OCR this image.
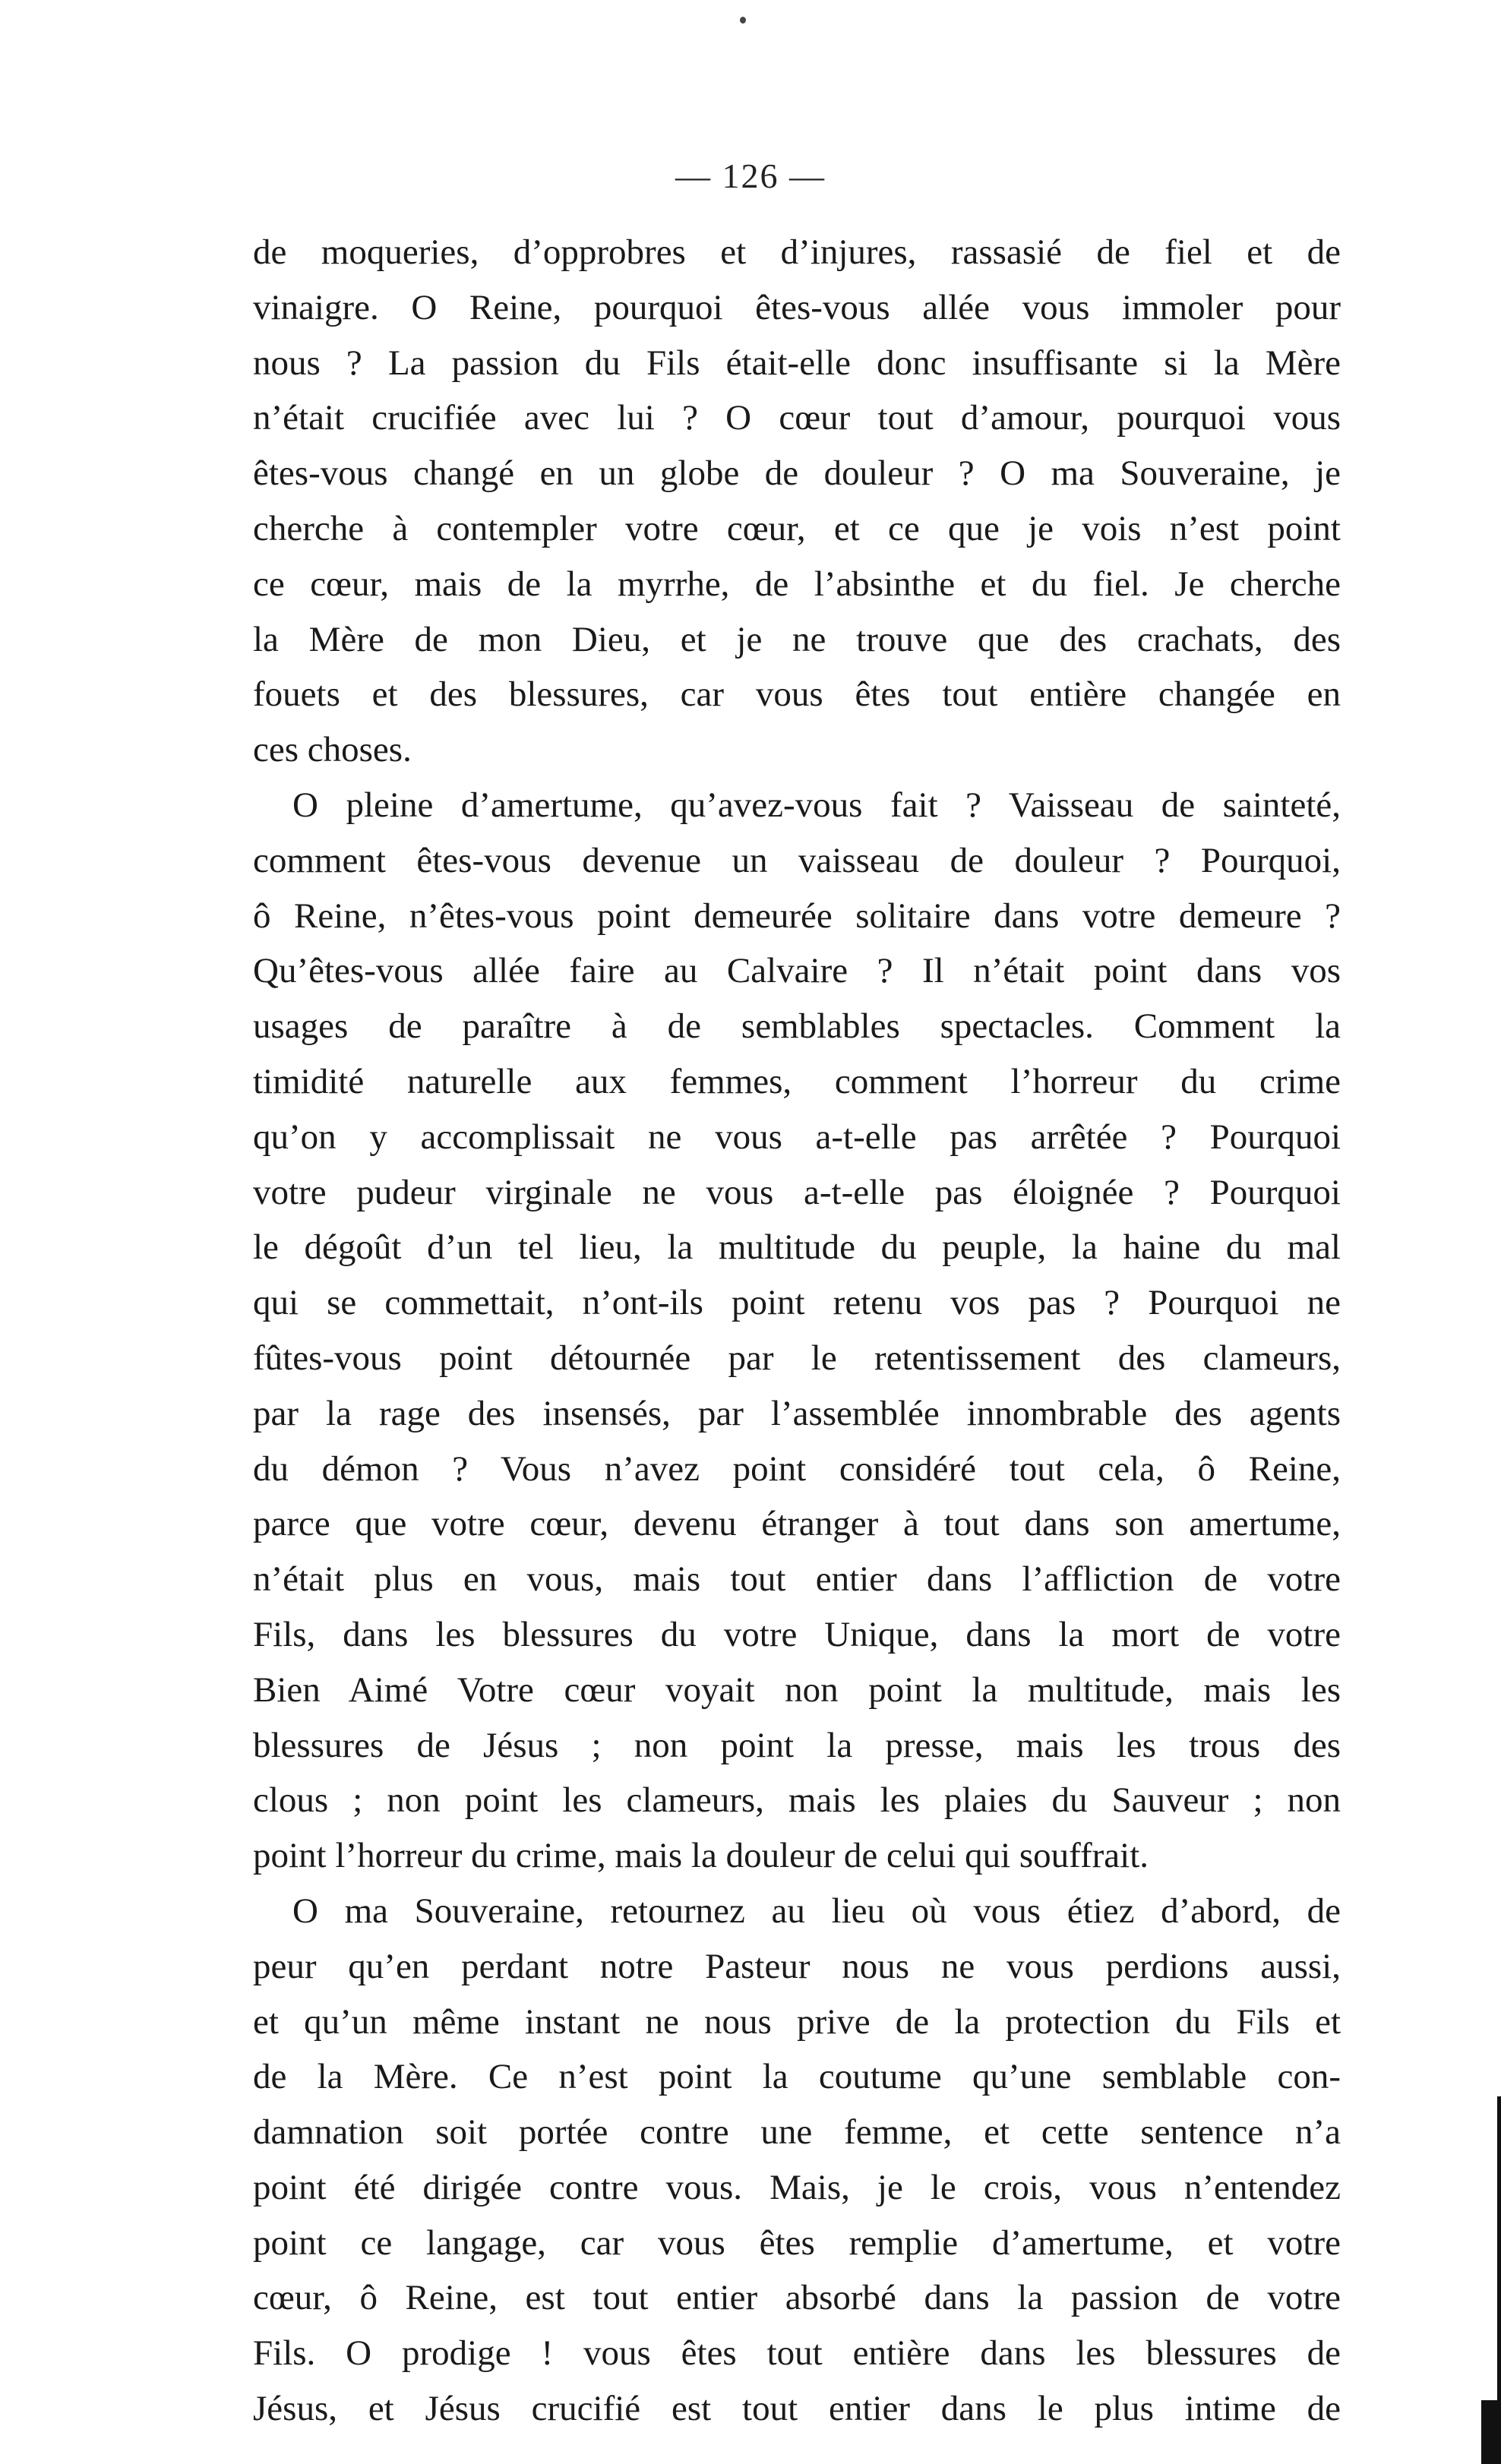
— 126 —
de moqueries, d’opprobres et d’injures, rassasié de fiel et de
vinaigre. O Reine, pourquoi êtes-vous allée vous immoler pour
nous ? La passion du Fils était-elle donc insuffisante si la Mère
n’était crucifiée avec lui ? O cœur tout d’amour, pourquoi vous
êtes-vous changé en un globe de douleur ? O ma Souveraine, je
cherche à contempler votre cœur, et ce que je vois n’est point
ce cœur, mais de la myrrhe, de l’absinthe et du fiel. Je cherche
la Mère de mon Dieu, et je ne trouve que des crachats, des
fouets et des blessures, car vous êtes tout entière changée en
ces choses.
O pleine d’amertume, qu’avez-vous fait ? Vaisseau de sainteté,
comment êtes-vous devenue un vaisseau de douleur ? Pourquoi,
ô Reine, n’êtes-vous point demeurée solitaire dans votre demeure ?
Qu’êtes-vous allée faire au Calvaire ? Il n’était point dans vos
usages de paraître à de semblables spectacles. Comment la
timidité naturelle aux femmes, comment l’horreur du crime
qu’on y accomplissait ne vous a-t-elle pas arrêtée ? Pourquoi
votre pudeur virginale ne vous a-t-elle pas éloignée ? Pourquoi
le dégoût d’un tel lieu, la multitude du peuple, la haine du mal
qui se commettait, n’ont-ils point retenu vos pas ? Pourquoi ne
fûtes-vous point détournée par le retentissement des clameurs,
par la rage des insensés, par l’assemblée innombrable des agents
du démon ? Vous n’avez point considéré tout cela, ô Reine,
parce que votre cœur, devenu étranger à tout dans son amertume,
n’était plus en vous, mais tout entier dans l’affliction de votre
Fils, dans les blessures du votre Unique, dans la mort de votre
Bien Aimé Votre cœur voyait non point la multitude, mais les
blessures de Jésus ; non point la presse, mais les trous des
clous ; non point les clameurs, mais les plaies du Sauveur ; non
point l’horreur du crime, mais la douleur de celui qui souffrait.
O ma Souveraine, retournez au lieu où vous étiez d’abord, de
peur qu’en perdant notre Pasteur nous ne vous perdions aussi,
et qu’un même instant ne nous prive de la protection du Fils et
de la Mère. Ce n’est point la coutume qu’une semblable con-
damnation soit portée contre une femme, et cette sentence n’a
point été dirigée contre vous. Mais, je le crois, vous n’entendez
point ce langage, car vous êtes remplie d’amertume, et votre
cœur, ô Reine, est tout entier absorbé dans la passion de votre
Fils. O prodige ! vous êtes tout entière dans les blessures de
Jésus, et Jésus crucifié est tout entier dans le plus intime de
